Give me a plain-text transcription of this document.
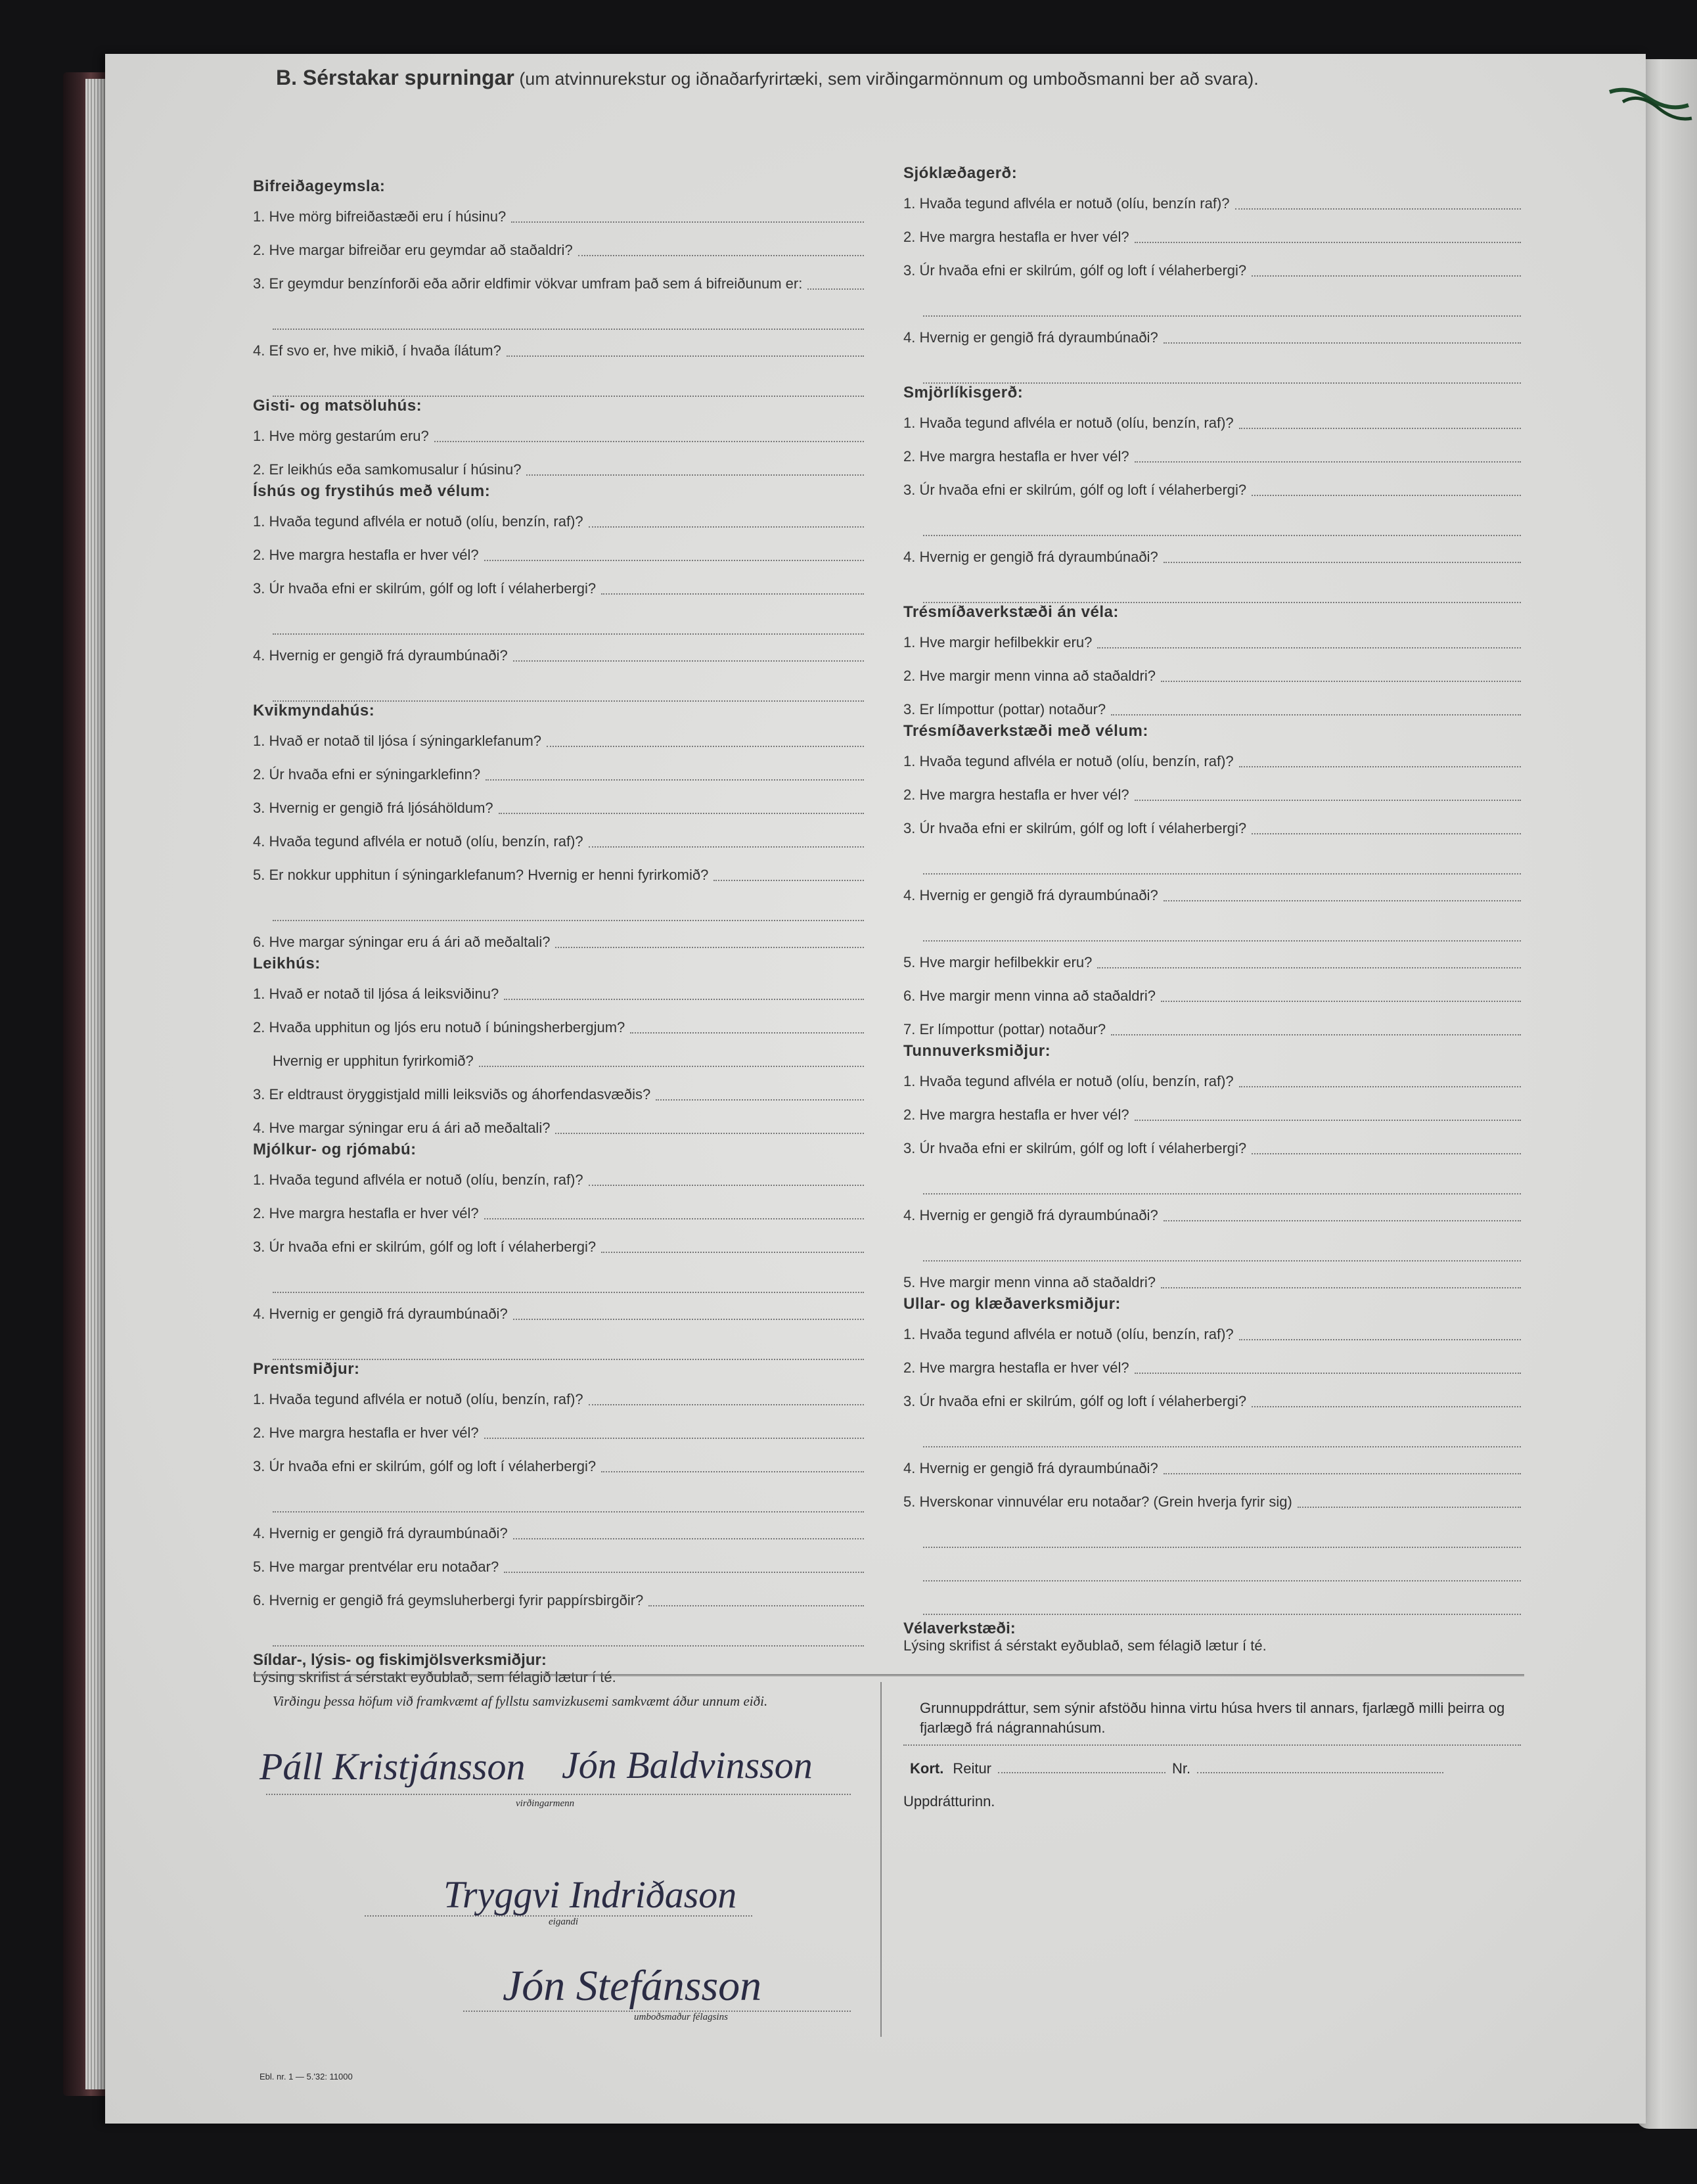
B. Sérstakar spurningar (um atvinnurekstur og iðnaðarfyrirtæki, sem virðingarmönnum og umboðsmanni ber að svara).
Bifreiðageymsla:
1. Hve mörg bifreiðastæði eru í húsinu?
2. Hve margar bifreiðar eru geymdar að staðaldri?
3. Er geymdur benzínforði eða aðrir eldfimir vökvar umfram það sem á bifreiðunum er:
4. Ef svo er, hve mikið, í hvaða ílátum?
Gisti- og matsöluhús:
1. Hve mörg gestarúm eru?
2. Er leikhús eða samkomusalur í húsinu?
Íshús og frystihús með vélum:
1. Hvaða tegund aflvéla er notuð (olíu, benzín, raf)?
2. Hve margra hestafla er hver vél?
3. Úr hvaða efni er skilrúm, gólf og loft í vélaherbergi?
4. Hvernig er gengið frá dyraumbúnaði?
Kvikmyndahús:
1. Hvað er notað til ljósa í sýningarklefanum?
2. Úr hvaða efni er sýningarklefinn?
3. Hvernig er gengið frá ljósáhöldum?
4. Hvaða tegund aflvéla er notuð (olíu, benzín, raf)?
5. Er nokkur upphitun í sýningarklefanum? Hvernig er henni fyrirkomið?
6. Hve margar sýningar eru á ári að meðaltali?
Leikhús:
1. Hvað er notað til ljósa á leiksviðinu?
2. Hvaða upphitun og ljós eru notuð í búningsherbergjum?
Hvernig er upphitun fyrirkomið?
3. Er eldtraust öryggistjald milli leiksviðs og áhorfendasvæðis?
4. Hve margar sýningar eru á ári að meðaltali?
Mjólkur- og rjómabú:
1. Hvaða tegund aflvéla er notuð (olíu, benzín, raf)?
2. Hve margra hestafla er hver vél?
3. Úr hvaða efni er skilrúm, gólf og loft í vélaherbergi?
4. Hvernig er gengið frá dyraumbúnaði?
Prentsmiðjur:
1. Hvaða tegund aflvéla er notuð (olíu, benzín, raf)?
2. Hve margra hestafla er hver vél?
3. Úr hvaða efni er skilrúm, gólf og loft í vélaherbergi?
4. Hvernig er gengið frá dyraumbúnaði?
5. Hve margar prentvélar eru notaðar?
6. Hvernig er gengið frá geymsluherbergi fyrir pappírsbirgðir?
Síldar-, lýsis- og fiskimjölsverksmiðjur:
Lýsing skrifist á sérstakt eyðublað, sem félagið lætur í té.
Sjóklæðagerð:
1. Hvaða tegund aflvéla er notuð (olíu, benzín raf)?
2. Hve margra hestafla er hver vél?
3. Úr hvaða efni er skilrúm, gólf og loft í vélaherbergi?
4. Hvernig er gengið frá dyraumbúnaði?
Smjörlíkisgerð:
1. Hvaða tegund aflvéla er notuð (olíu, benzín, raf)?
2. Hve margra hestafla er hver vél?
3. Úr hvaða efni er skilrúm, gólf og loft í vélaherbergi?
4. Hvernig er gengið frá dyraumbúnaði?
Trésmíðaverkstæði án véla:
1. Hve margir hefilbekkir eru?
2. Hve margir menn vinna að staðaldri?
3. Er límpottur (pottar) notaður?
Trésmíðaverkstæði með vélum:
1. Hvaða tegund aflvéla er notuð (olíu, benzín, raf)?
2. Hve margra hestafla er hver vél?
3. Úr hvaða efni er skilrúm, gólf og loft í vélaherbergi?
4. Hvernig er gengið frá dyraumbúnaði?
5. Hve margir hefilbekkir eru?
6. Hve margir menn vinna að staðaldri?
7. Er límpottur (pottar) notaður?
Tunnuverksmiðjur:
1. Hvaða tegund aflvéla er notuð (olíu, benzín, raf)?
2. Hve margra hestafla er hver vél?
3. Úr hvaða efni er skilrúm, gólf og loft í vélaherbergi?
4. Hvernig er gengið frá dyraumbúnaði?
5. Hve margir menn vinna að staðaldri?
Ullar- og klæðaverksmiðjur:
1. Hvaða tegund aflvéla er notuð (olíu, benzín, raf)?
2. Hve margra hestafla er hver vél?
3. Úr hvaða efni er skilrúm, gólf og loft í vélaherbergi?
4. Hvernig er gengið frá dyraumbúnaði?
5. Hverskonar vinnuvélar eru notaðar? (Grein hverja fyrir sig)
Vélaverkstæði:
Lýsing skrifist á sérstakt eyðublað, sem félagið lætur í té.
Virðingu þessa höfum við framkvæmt af fyllstu samvizkusemi samkvæmt áður unnum eiði.
Páll Kristjánsson Jón Baldvinsson
virðingarmenn
Tryggvi Indriðason
eigandi
Jón Stefánsson
umboðsmaður félagsins
Grunnuppdráttur, sem sýnir afstöðu hinna virtu húsa hvers til annars, fjarlægð milli þeirra og fjarlægð frá nágrannahúsum.
Kort. Reitur	Nr.
Uppdrátturinn.
Ebl. nr. 1 — 5.'32: 11000
